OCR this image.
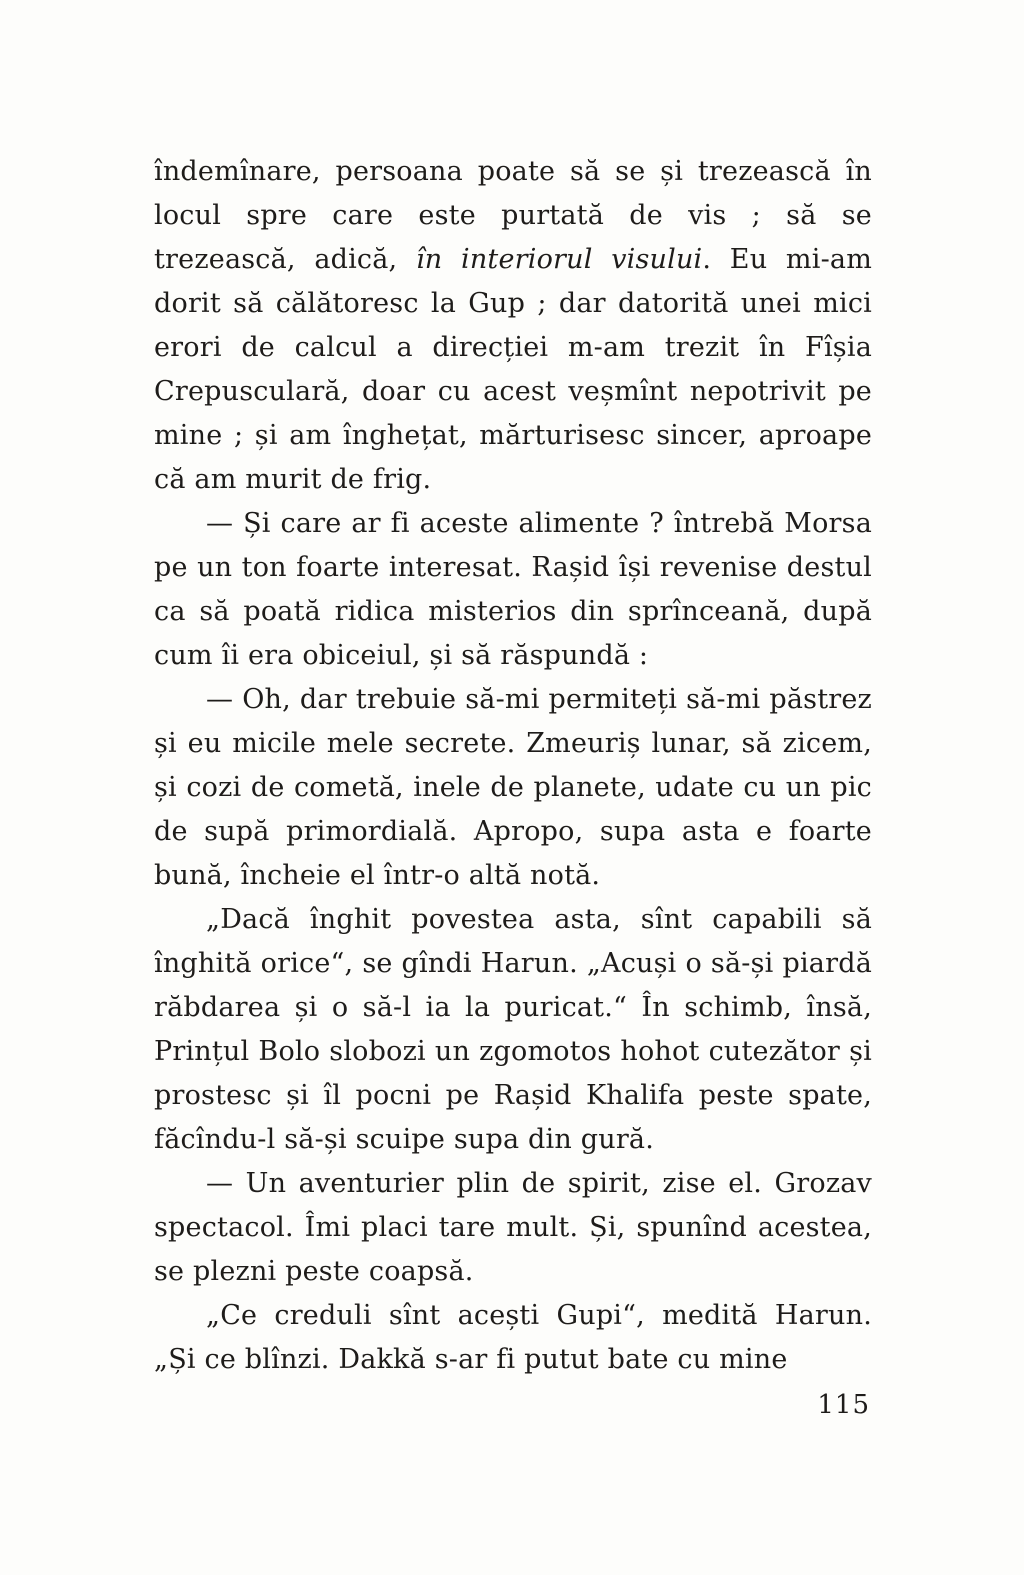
îndemînare, persoana poate să se și trezească în locul spre care este purtată de vis ; să se trezească, adică, în interiorul visului. Eu mi-am dorit să călătoresc la Gup ; dar datorită unei mici erori de calcul a direcției m-am trezit în Fîșia Crepusculară, doar cu acest veșmînt nepotrivit pe mine ; și am înghețat, mărturisesc sincer, aproape că am murit de frig.

— Și care ar fi aceste alimente ? întrebă Morsa pe un ton foarte interesat. Rașid își revenise destul ca să poată ridica misterios din sprînceană, după cum îi era obiceiul, și să răspundă :

— Oh, dar trebuie să-mi permiteți să-mi păstrez și eu micile mele secrete. Zmeuriș lunar, să zicem, și cozi de cometă, inele de planete, udate cu un pic de supă primordială. Apropo, supa asta e foarte bună, încheie el într-o altă notă.

„Dacă înghit povestea asta, sînt capabili să înghită orice“, se gîndi Harun. „Acuși o să-și piardă răbdarea și o să-l ia la puricat.“ În schimb, însă, Prințul Bolo slobozi un zgomotos hohot cutezător și prostesc și îl pocni pe Rașid Khalifa peste spate, făcîndu-l să-și scuipe supa din gură.

— Un aventurier plin de spirit, zise el. Grozav spectacol. Îmi placi tare mult. Și, spunînd acestea, se plezni peste coapsă.

„Ce creduli sînt acești Gupi“, medită Harun. „Și ce blînzi. Dakkă s-ar fi putut bate cu mine

115
